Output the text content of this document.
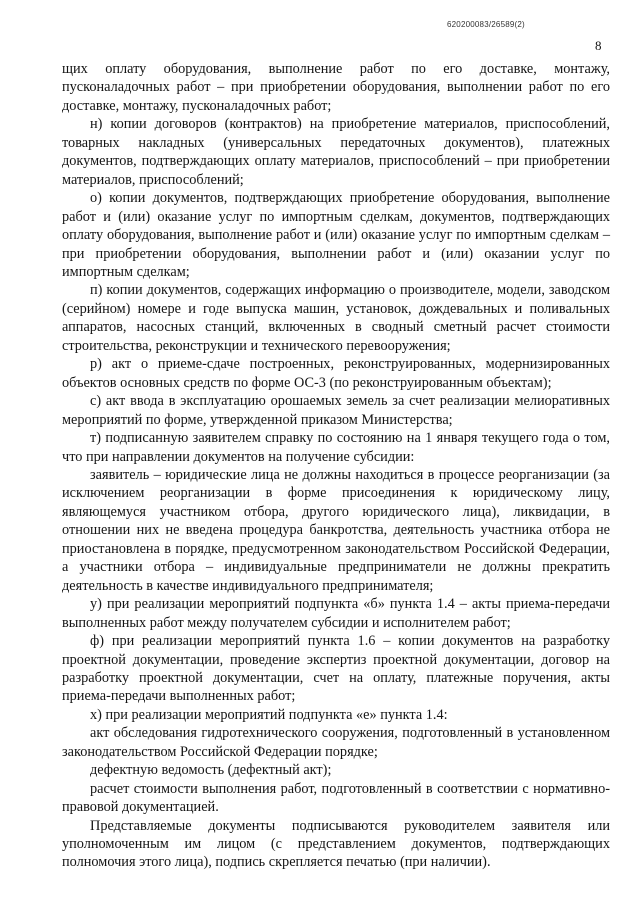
620200083/26589(2)
8

щих оплату оборудования, выполнение работ по его доставке, монтажу, пусконаладочных работ – при приобретении оборудования, выполнении работ по его доставке, монтажу, пусконаладочных работ;

н) копии договоров (контрактов) на приобретение материалов, приспособлений, товарных накладных (универсальных передаточных документов), платежных документов, подтверждающих оплату материалов, приспособлений – при приобретении материалов, приспособлений;

о) копии документов, подтверждающих приобретение оборудования, выполнение работ и (или) оказание услуг по импортным сделкам, документов, подтверждающих оплату оборудования, выполнение работ и (или) оказание услуг по импортным сделкам – при приобретении оборудования, выполнении работ и (или) оказании услуг по импортным сделкам;

п) копии документов, содержащих информацию о производителе, модели, заводском (серийном) номере и годе выпуска машин, установок, дождевальных и поливальных аппаратов, насосных станций, включенных в сводный сметный расчет стоимости строительства, реконструкции и технического перевооружения;

р) акт о приеме-сдаче построенных, реконструированных, модернизированных объектов основных средств по форме ОС-3 (по реконструированным объектам);

с) акт ввода в эксплуатацию орошаемых земель за счет реализации мелиоративных мероприятий по форме, утвержденной приказом Министерства;

т) подписанную заявителем справку по состоянию на 1 января текущего года о том, что при направлении документов на получение субсидии:

заявитель – юридические лица не должны находиться в процессе реорганизации (за исключением реорганизации в форме присоединения к юридическому лицу, являющемуся участником отбора, другого юридического лица), ликвидации, в отношении них не введена процедура банкротства, деятельность участника отбора не приостановлена в порядке, предусмотренном законодательством Российской Федерации, а участники отбора – индивидуальные предприниматели не должны прекратить деятельность в качестве индивидуального предпринимателя;

у) при реализации мероприятий подпункта «б» пункта 1.4 – акты приема-передачи выполненных работ между получателем субсидии и исполнителем работ;

ф) при реализации мероприятий пункта 1.6 – копии документов на разработку проектной документации, проведение экспертиз проектной документации, договор на разработку проектной документации, счет на оплату, платежные поручения, акты приема-передачи выполненных работ;

х) при реализации мероприятий подпункта «е» пункта 1.4:

акт обследования гидротехнического сооружения, подготовленный в установленном законодательством Российской Федерации порядке;

дефектную ведомость (дефектный акт);

расчет стоимости выполнения работ, подготовленный в соответствии с нормативно-правовой документацией.

Представляемые документы подписываются руководителем заявителя или уполномоченным им лицом (с представлением документов, подтверждающих полномочия этого лица), подпись скрепляется печатью (при наличии).
